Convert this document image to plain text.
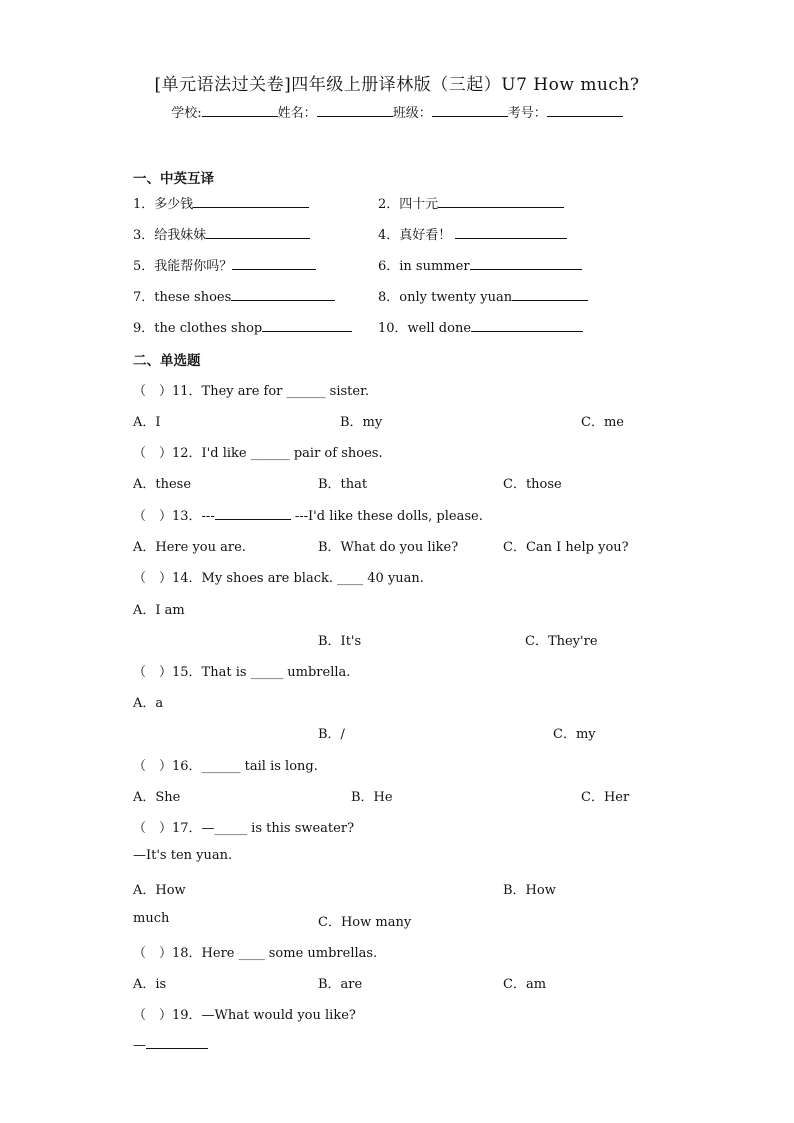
[单元语法过关卷]四年级上册译林版（三起）U7 How much?
学校:	姓名：	班级：	考号：
一、中英互译
1．多少钱	2．四十元
3．给我妹妹	4．真好看！
5．我能帮你吗？	6．in summer
7．these shoes	8．only twenty yuan
9．the clothes shop	10．well done
二、单选题
（　）11．They are for ______ sister.
A．I	B．my	C．me
（　）12．I'd like ______ pair of shoes.
A．these	B．that	C．those
（　）13．---	---I'd like these dolls, please.
A．Here you are.	B．What do you like?	C．Can I help you?
（　）14．My shoes are black. ____ 40 yuan.
A．I am
B．It's	C．They're
（　）15．That is _____ umbrella.
A．a
B．/	C．my
（　）16．______ tail is long.
A．She	B．He	C．Her
（　）17．—_____ is this sweater?
—It's ten yuan.
A．How	B．How
much	C．How many
（　）18．Here ____ some umbrellas.
A．is	B．are	C．am
（　）19．—What would you like?
—
